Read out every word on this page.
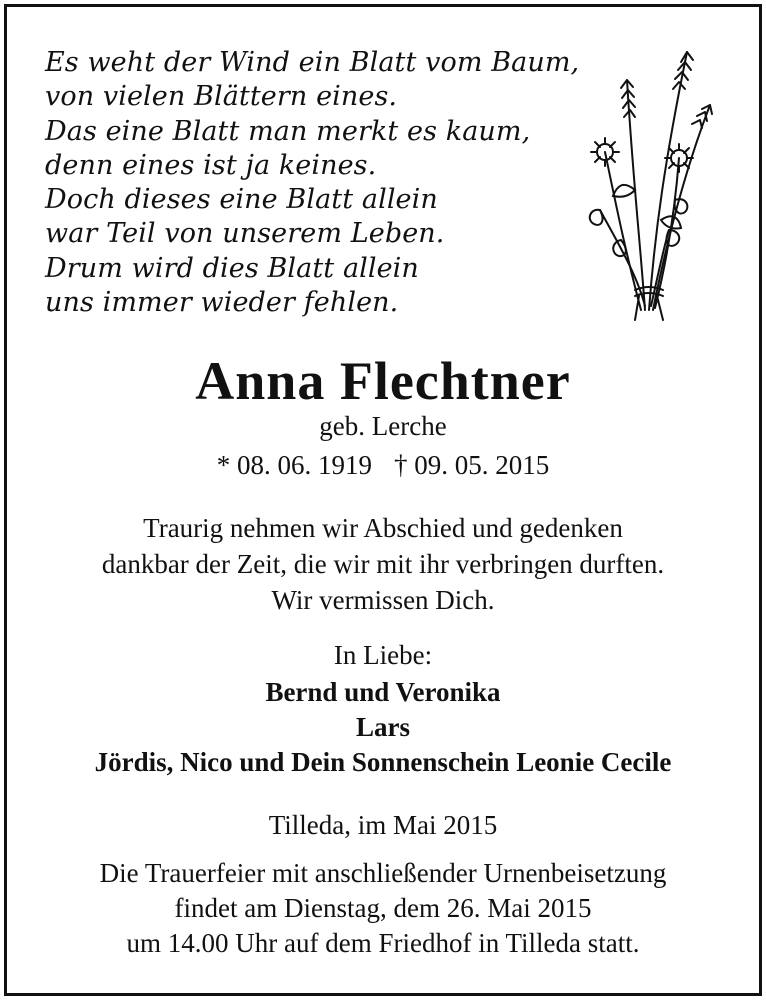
Es weht der Wind ein Blatt vom Baum,
von vielen Blättern eines.
Das eine Blatt man merkt es kaum,
denn eines ist ja keines.
Doch dieses eine Blatt allein
war Teil von unserem Leben.
Drum wird dies Blatt allein
uns immer wieder fehlen.
Anna Flechtner
geb. Lerche
* 08. 06. 1919 † 09. 05. 2015
Traurig nehmen wir Abschied und gedenken
dankbar der Zeit, die wir mit ihr verbringen durften.
Wir vermissen Dich.
In Liebe:
Bernd und Veronika
Lars
Jördis, Nico und Dein Sonnenschein Leonie Cecile
Tilleda, im Mai 2015
Die Trauerfeier mit anschließender Urnenbeisetzung
findet am Dienstag, dem 26. Mai 2015
um 14.00 Uhr auf dem Friedhof in Tilleda statt.
